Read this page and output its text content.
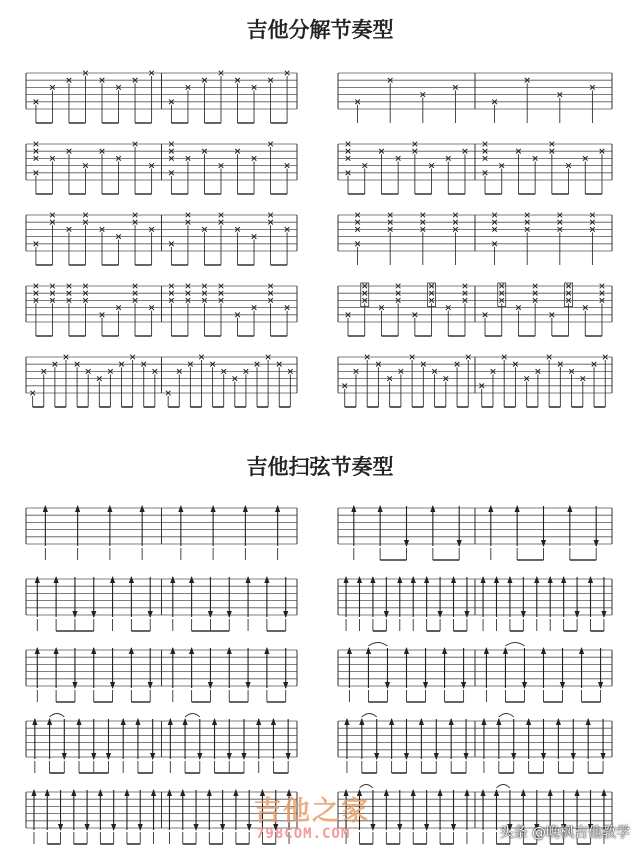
吉他分解节奏型
吉他扫弦节奏型
吉他之家
798COM.COM	头条 @晚枫吉他教学
